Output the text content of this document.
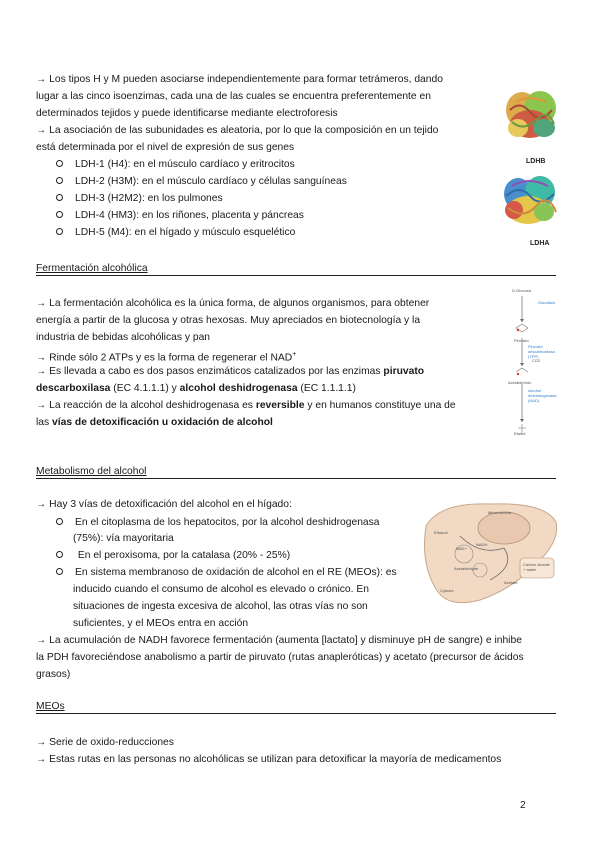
→ Los tipos H y M pueden asociarse independientemente para formar tetrámeros, dando
lugar a las cinco isoenzimas, cada una de las cuales se encuentra preferentemente en
determinados tejidos y puede identificarse mediante electroforesis
→ La asociación de las subunidades es aleatoria, por lo que la composición en un tejido
está determinada por el nivel de expresión de sus genes
LDH-1 (H4): en el músculo cardíaco y eritrocitos
LDH-2 (H3M): en el músculo cardíaco y células sanguíneas
LDH-3 (H2M2): en los pulmones
LDH-4 (HM3): en los riñones, placenta y páncreas
LDH-5 (M4): en el hígado y músculo esquelético
LDHB
LDHA
Fermentación alcohólica
→ La fermentación alcohólica es la única forma, de algunos organismos, para obtener
energía a partir de la glucosa y otras hexosas. Muy apreciados en biotecnología y la
industria de bebidas alcohólicas y pan
→ Rinde sólo 2 ATPs y es la forma de regenerar el NAD+
→ Es llevada a cabo es dos pasos enzimáticos catalizados por las enzimas piruvato
descarboxilasa (EC 4.1.1.1) y alcohol deshidrogenasa (EC 1.1.1.1)
→ La reacción de la alcohol deshidrogenasa es reversible y en humanos constituye una de
las vías de detoxificación u oxidación de alcohol
D-Glucosa
Glucólisis
Piruvato
Piruvato descarboxilasa (TPP)
CO2
Acetaldehído
Alcohol deshidrogenasa (NAD)
Etanol
Metabolismo del alcohol
→ Hay 3 vías de detoxificación del alcohol en el hígado:
En el citoplasma de los hepatocitos, por la alcohol deshidrogenasa
(75%): vía mayoritaria
En el peroxisoma, por la catalasa (20% - 25%)
En sistema membranoso de oxidación de alcohol en el RE (MEOs): es
inducido cuando el consumo de alcohol es elevado o crónico. En
situaciones de ingesta excesiva de alcohol, las otras vías no son
suficientes, y el MEOs entra en acción
Mitochondria
Ethanol
Acetaldehyde
Acetate
Carbon dioxide + water
NADH
NAD+
Cytosol
→ La acumulación de NADH favorece fermentación (aumenta [lactato] y disminuye pH de sangre) e inhibe
la PDH favoreciéndose anabolismo a partir de piruvato (rutas anapleróticas) y acetato (precursor de ácidos
grasos)
MEOs
→ Serie de oxido-reducciones
→ Estas rutas en las personas no alcohólicas se utilizan para detoxificar la mayoría de medicamentos
2
